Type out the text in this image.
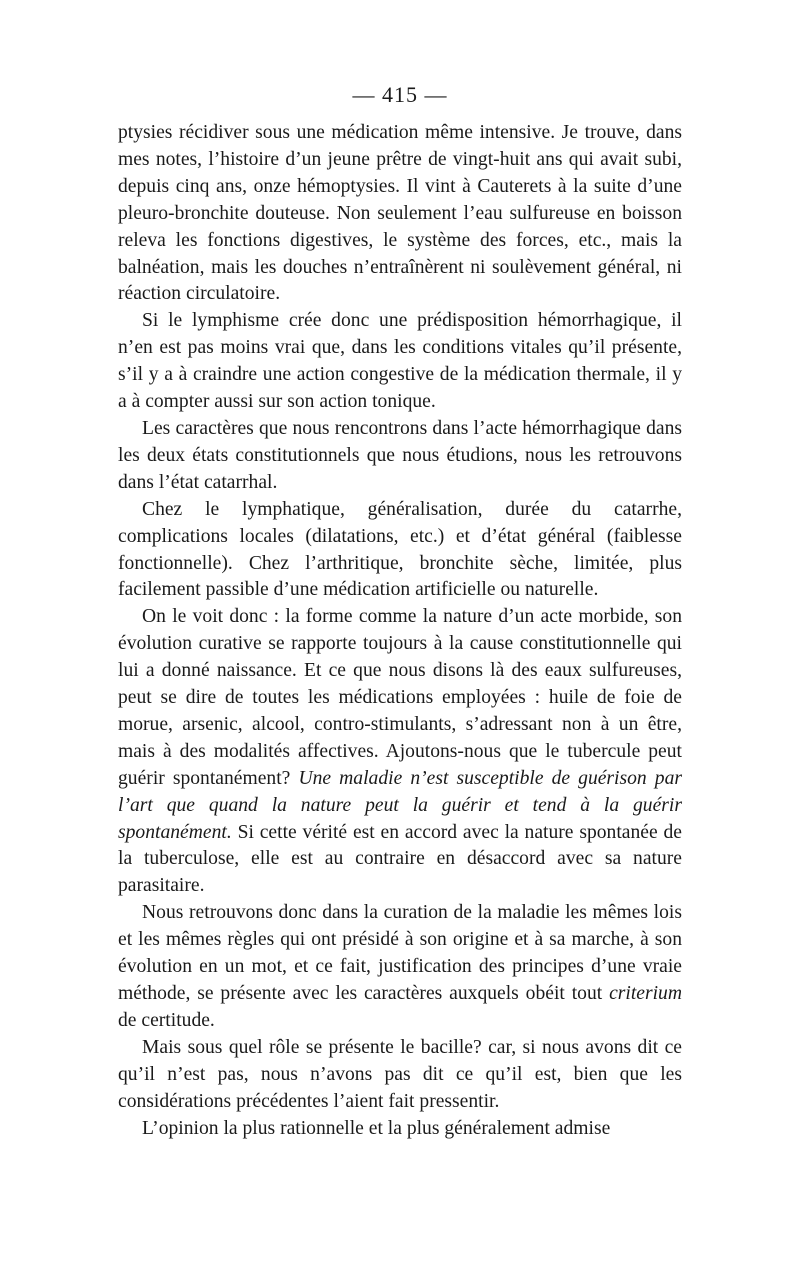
— 415 —

ptysies récidiver sous une médication même intensive. Je trouve, dans mes notes, l’histoire d’un jeune prêtre de vingt-huit ans qui avait subi, depuis cinq ans, onze hémoptysies. Il vint à Cauterets à la suite d’une pleuro-bronchite douteuse. Non seulement l’eau sulfureuse en boisson releva les fonctions digestives, le système des forces, etc., mais la balnéation, mais les douches n’entraînèrent ni soulèvement général, ni réaction circulatoire.

Si le lymphisme crée donc une prédisposition hémorrhagique, il n’en est pas moins vrai que, dans les conditions vitales qu’il présente, s’il y a à craindre une action congestive de la médication thermale, il y a à compter aussi sur son action tonique.

Les caractères que nous rencontrons dans l’acte hémorrhagique dans les deux états constitutionnels que nous étudions, nous les retrouvons dans l’état catarrhal.

Chez le lymphatique, généralisation, durée du catarrhe, complications locales (dilatations, etc.) et d’état général (faiblesse fonctionnelle). Chez l’arthritique, bronchite sèche, limitée, plus facilement passible d’une médication artificielle ou naturelle.

On le voit donc : la forme comme la nature d’un acte morbide, son évolution curative se rapporte toujours à la cause constitutionnelle qui lui a donné naissance. Et ce que nous disons là des eaux sulfureuses, peut se dire de toutes les médications employées : huile de foie de morue, arsenic, alcool, contro-stimulants, s’adressant non à un être, mais à des modalités affectives. Ajoutons-nous que le tubercule peut guérir spontanément? Une maladie n’est susceptible de guérison par l’art que quand la nature peut la guérir et tend à la guérir spontanément. Si cette vérité est en accord avec la nature spontanée de la tuberculose, elle est au contraire en désaccord avec sa nature parasitaire.

Nous retrouvons donc dans la curation de la maladie les mêmes lois et les mêmes règles qui ont présidé à son origine et à sa marche, à son évolution en un mot, et ce fait, justification des principes d’une vraie méthode, se présente avec les caractères auxquels obéit tout criterium de certitude.

Mais sous quel rôle se présente le bacille? car, si nous avons dit ce qu’il n’est pas, nous n’avons pas dit ce qu’il est, bien que les considérations précédentes l’aient fait pressentir.

L’opinion la plus rationnelle et la plus généralement admise
